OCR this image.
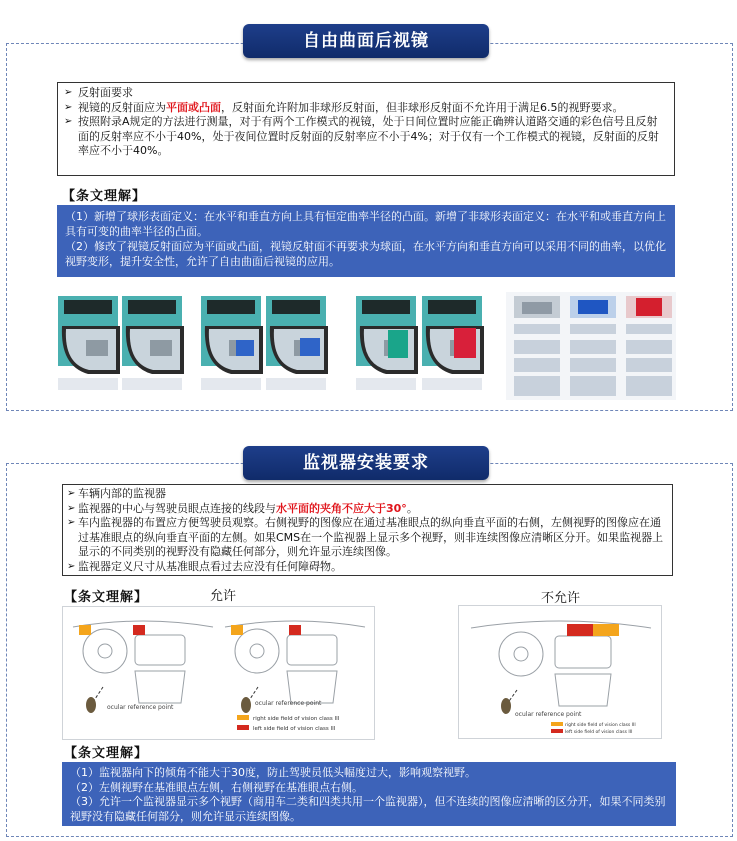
自由曲面后视镜
➢ 反射面要求
➢ 视镜的反射面应为平面或凸面，反射面允许附加非球形反射面，但非球形反射面不允许用于满足6.5的视野要求。
➢ 按照附录A规定的方法进行测量，对于有两个工作模式的视镜，处于日间位置时应能正确辨认道路交通的彩色信号且反射面的反射率应不小于40%，处于夜间位置时反射面的反射率应不小于4%；对于仅有一个工作模式的视镜，反射面的反射率应不小于40%。
【条文理解】
（1）新增了球形表面定义：在水平和垂直方向上具有恒定曲率半径的凸面。新增了非球形表面定义：在水平和或垂直方向上具有可变的曲率半径的凸面。
（2）修改了视镜反射面应为平面或凸面，视镜反射面不再要求为球面，在水平方向和垂直方向可以采用不同的曲率，以优化视野变形，提升安全性，允许了自由曲面后视镜的应用。
监视器安装要求
➢ 车辆内部的监视器
➢ 监视器的中心与驾驶员眼点连接的线段与水平面的夹角不应大于30°。
➢ 车内监视器的布置应方便驾驶员观察。右侧视野的图像应在通过基准眼点的纵向垂直平面的右侧，左侧视野的图像应在通过基准眼点的纵向垂直平面的左侧。如果CMS在一个监视器上显示多个视野，则非连续图像应清晰区分开。如果监视器上显示的不同类别的视野没有隐藏任何部分，则允许显示连续图像。
➢ 监视器定义尺寸从基准眼点看过去应没有任何障碍物。
【条文理解】	允许	不允许
ocular reference point
ocular reference point
right side field of vision class III
left side field of vision class III
ocular reference point
right side field of vision class III
left side field of vision class III
【条文理解】
（1）监视器向下的倾角不能大于30度，防止驾驶员低头幅度过大，影响观察视野。
（2）左侧视野在基准眼点左侧，右侧视野在基准眼点右侧。
（3）允许一个监视器显示多个视野（商用车二类和四类共用一个监视器），但不连续的图像应清晰的区分开，如果不同类别视野没有隐藏任何部分，则允许显示连续图像。
